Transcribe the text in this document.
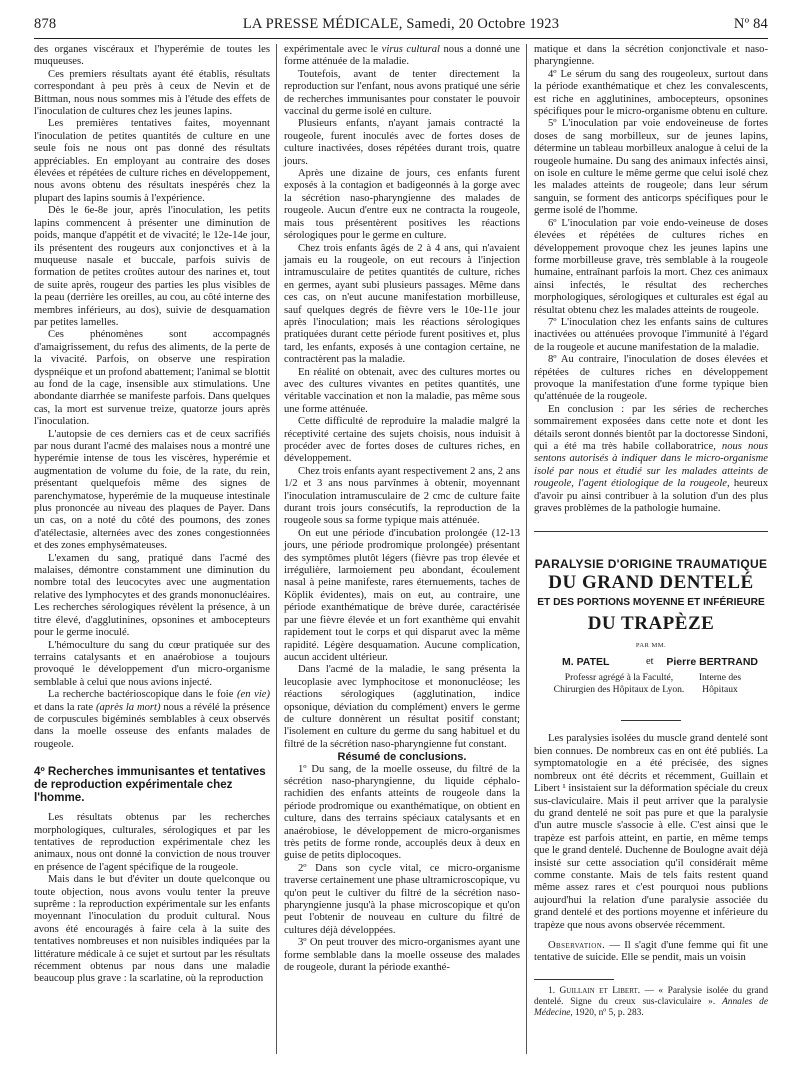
878	LA PRESSE MÉDICALE, Samedi, 20 Octobre 1923	Nº 84

des organes viscéraux et l'hyperémie de toutes les muqueuses.

Ces premiers résultats ayant été établis, résultats correspondant à peu près à ceux de Nevin et de Bittman, nous nous sommes mis à l'étude des effets de l'inoculation de cultures chez les jeunes lapins.

Les premières tentatives faites, moyennant l'inoculation de petites quantités de culture en une seule fois ne nous ont pas donné des résultats appréciables. En employant au contraire des doses élevées et répétées de culture riches en développement, nous avons obtenu des résultats inespérés chez la plupart des lapins soumis à l'expérience.

Dès le 6e-8e jour, après l'inoculation, les petits lapins commencent à présenter une diminution de poids, manque d'appétit et de vivacité; le 12e-14e jour, ils présentent des rougeurs aux conjonctives et à la muqueuse nasale et buccale, parfois suivis de formation de petites croûtes autour des narines et, tout de suite après, rougeur des parties les plus visibles de la peau (derrière les oreilles, au cou, au côté interne des membres inférieurs, au dos), suivie de desquamation par petites lamelles.

Ces phénomènes sont accompagnés d'amaigrissement, du refus des aliments, de la perte de la vivacité. Parfois, on observe une respiration dyspnéique et un profond abattement; l'animal se blottit au fond de la cage, insensible aux stimulations. Une abondante diarrhée se manifeste parfois. Dans quelques cas, la mort est survenue treize, quatorze jours après l'inoculation.

L'autopsie de ces derniers cas et de ceux sacrifiés par nous durant l'acmé des malaises nous a montré une hyperémie intense de tous les viscères, hyperémie et augmentation de volume du foie, de la rate, du rein, présentant quelquefois même des signes de parenchymatose, hyperémie de la muqueuse intestinale plus prononcée au niveau des plaques de Payer. Dans un cas, on a noté du côté des poumons, des zones d'atélectasie, alternées avec des zones congestionnées et des zones emphysémateuses.

L'examen du sang, pratiqué dans l'acmé des malaises, démontre constamment une diminution du nombre total des leucocytes avec une augmentation relative des lymphocytes et des grands mononucléaires. Les recherches sérologiques révèlent la présence, à un titre élevé, d'agglutinines, opsonines et ambocepteurs pour le germe inoculé.

L'hémoculture du sang du cœur pratiquée sur des terrains catalysants et en anaérobiose a toujours provoqué le développement d'un micro-organisme semblable à celui que nous avions injecté.

La recherche bactérioscopique dans le foie (en vie) et dans la rate (après la mort) nous a révélé la présence de corpuscules bigéminés semblables à ceux observés dans la moelle osseuse des enfants malades de rougeole.

4º Recherches immunisantes et tentatives de reproduction expérimentale chez l'homme.

Les résultats obtenus par les recherches morphologiques, culturales, sérologiques et par les tentatives de reproduction expérimentale chez les animaux, nous ont donné la conviction de nous trouver en présence de l'agent spécifique de la rougeole.

Mais dans le but d'éviter un doute quelconque ou toute objection, nous avons voulu tenter la preuve suprême : la reproduction expérimentale sur les enfants moyennant l'inoculation du produit cultural. Nous avons été encouragés à faire cela à la suite des tentatives nombreuses et non nuisibles indiquées par la littérature médicale à ce sujet et surtout par les résultats récemment obtenus par nous dans une maladie beaucoup plus grave : la scarlatine, où la reproduction

expérimentale avec le virus cultural nous a donné une forme atténuée de la maladie.

Toutefois, avant de tenter directement la reproduction sur l'enfant, nous avons pratiqué une série de recherches immunisantes pour constater le pouvoir vaccinal du germe isolé en culture.

Plusieurs enfants, n'ayant jamais contracté la rougeole, furent inoculés avec de fortes doses de culture inactivées, doses répétées durant trois, quatre jours.

Après une dizaine de jours, ces enfants furent exposés à la contagion et badigeonnés à la gorge avec la sécrétion naso-pharyngienne des malades de rougeole. Aucun d'entre eux ne contracta la rougeole, mais tous présentèrent positives les réactions sérologiques pour le germe en culture.

Chez trois enfants âgés de 2 à 4 ans, qui n'avaient jamais eu la rougeole, on eut recours à l'injection intramusculaire de petites quantités de culture, riches en germes, ayant subi plusieurs passages. Même dans ces cas, on n'eut aucune manifestation morbilleuse, sauf quelques degrés de fièvre vers le 10e-11e jour après l'inoculation; mais les réactions sérologiques pratiquées durant cette période furent positives et, plus tard, les enfants, exposés à une contagion certaine, ne contractèrent pas la maladie.

En réalité on obtenait, avec des cultures mortes ou avec des cultures vivantes en petites quantités, une véritable vaccination et non la maladie, pas même sous une forme atténuée.

Cette difficulté de reproduire la maladie malgré la réceptivité certaine des sujets choisis, nous induisit à procéder avec de fortes doses de cultures riches, en développement.

Chez trois enfants ayant respectivement 2 ans, 2 ans 1/2 et 3 ans nous parvînmes à obtenir, moyennant l'inoculation intramusculaire de 2 cmc de culture faite durant trois jours consécutifs, la reproduction de la rougeole sous sa forme typique mais atténuée.

On eut une période d'incubation prolongée (12-13 jours, une période prodromique prolongée) présentant des symptômes plutôt légers (fièvre pas trop élevée et irrégulière, larmoiement peu abondant, écoulement nasal à peine manifeste, rares éternuements, taches de Köplik évidentes), mais on eut, au contraire, une période exanthématique de brève durée, caractérisée par une fièvre élevée et un fort exanthème qui envahit rapidement tout le corps et qui disparut avec la même rapidité. Légère desquamation. Aucune complication, aucun accident ultérieur.

Dans l'acmé de la maladie, le sang présenta la leucoplasie avec lymphocitose et mononucléose; les réactions sérologiques (agglutination, indice opsonique, déviation du complément) envers le germe de culture donnèrent un résultat positif constant; l'isolement en culture du germe du sang habituel et du filtré de la sécrétion naso-pharyngienne fut constant.

Résumé de conclusions.

1º Du sang, de la moelle osseuse, du filtré de la sécrétion naso-pharyngienne, du liquide céphalo-rachidien des enfants atteints de rougeole dans la période prodromique ou exanthématique, on obtient en culture, dans des terrains spéciaux catalysants et en anaérobiose, le développement de micro-organismes très petits de forme ronde, accouplés deux à deux en guise de petits diplocoques.

2º Dans son cycle vital, ce micro-organisme traverse certainement une phase ultramicroscopique, vu qu'on peut le cultiver du filtré de la sécrétion naso-pharyngienne jusqu'à la phase microscopique et qu'on peut l'obtenir de nouveau en culture du filtré de cultures déjà développées.

3º On peut trouver des micro-organismes ayant une forme semblable dans la moelle osseuse des malades de rougeole, durant la période exanthé-

matique et dans la sécrétion conjonctivale et naso-pharyngienne.

4º Le sérum du sang des rougeoleux, surtout dans la période exanthématique et chez les convalescents, est riche en agglutinines, ambocepteurs, opsonines spécifiques pour le micro-organisme obtenu en culture.

5º L'inoculation par voie endoveineuse de fortes doses de sang morbilleux, sur de jeunes lapins, détermine un tableau morbilleux analogue à celui de la rougeole humaine. Du sang des animaux infectés ainsi, on isole en culture le même germe que celui isolé chez les malades atteints de rougeole; dans leur sérum sanguin, se forment des anticorps spécifiques pour le germe isolé de l'homme.

6º L'inoculation par voie endo-veineuse de doses élevées et répétées de cultures riches en développement provoque chez les jeunes lapins une forme morbilleuse grave, très semblable à la rougeole humaine, entraînant parfois la mort. Chez ces animaux ainsi infectés, le résultat des recherches morphologiques, sérologiques et culturales est égal au résultat obtenu chez les malades atteints de rougeole.

7º L'inoculation chez les enfants sains de cultures inactivées ou atténuées provoque l'immunité à l'égard de la rougeole et aucune manifestation de la maladie.

8º Au contraire, l'inoculation de doses élevées et répétées de cultures riches en développement provoque la manifestation d'une forme typique bien qu'atténuée de la rougeole.

En conclusion : par les séries de recherches sommairement exposées dans cette note et dont les détails seront donnés bientôt par la doctoresse Sindoni, qui a été ma très habile collaboratrice, nous nous sentons autorisés à indiquer dans le micro-organisme isolé par nous et étudié sur les malades atteints de rougeole, l'agent étiologique de la rougeole, heureux d'avoir pu ainsi contribuer à la solution d'un des plus graves problèmes de la pathologie humaine.

PARALYSIE D'ORIGINE TRAUMATIQUE
DU GRAND DENTELÉ
ET DES PORTIONS MOYENNE ET INFÉRIEURE
DU TRAPÈZE
PAR MM.
M. PATEL	et Pierre BERTRAND
Professr agrégé à la Faculté, Chirurgien des Hôpitaux de Lyon.
Interne des Hôpitaux

Les paralysies isolées du muscle grand dentelé sont bien connues. De nombreux cas en ont été publiés. La symptomatologie en a été précisée, des signes nombreux ont été décrits et récemment, Guillain et Libert ¹ insistaient sur la déformation spéciale du creux sus-claviculaire. Mais il peut arriver que la paralysie du grand dentelé ne soit pas pure et que la paralysie d'un autre muscle s'associe à elle. C'est ainsi que le trapèze est parfois atteint, en partie, en même temps que le grand dentelé. Duchenne de Boulogne avait déjà insisté sur cette association qu'il considérait même comme constante. Mais de tels faits restent quand même assez rares et c'est pourquoi nous publions aujourd'hui la relation d'une paralysie associée du grand dentelé et des portions moyenne et inférieure du trapèze que nous avons observée récemment.

Observation. — Il s'agit d'une femme qui fit une tentative de suicide. Elle se pendit, mais un voisin

1. Guillain et Libert. — « Paralysie isolée du grand dentelé. Signe du creux sus-claviculaire ». Annales de Médecine, 1920, nº 5, p. 283.
